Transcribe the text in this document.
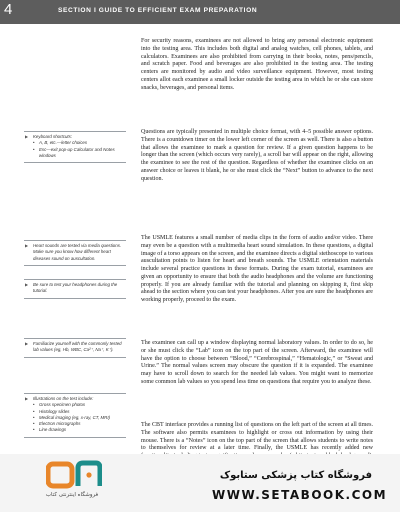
4	SECTION I GUIDE TO EFFICIENT EXAM PREPARATION

For security reasons, examinees are not allowed to bring any personal electronic equipment into the testing area. This includes both digital and analog watches, cell phones, tablets, and calculators. Examinees are also prohibited from carrying in their books, notes, pens/pencils, and scratch paper. Food and beverages are also prohibited in the testing area. The testing centers are monitored by audio and video surveillance equipment. However, most testing centers allot each examinee a small locker outside the testing area in which he or she can store snacks, beverages, and personal items.

Questions are typically presented in multiple choice format, with 4–5 possible answer options. There is a countdown timer on the lower left corner of the screen as well. There is also a button that allows the examinee to mark a question for review. If a given question happens to be longer than the screen (which occurs very rarely), a scroll bar will appear on the right, allowing the examinee to see the rest of the question. Regardless of whether the examinee clicks on an answer choice or leaves it blank, he or she must click the “Next” button to advance to the next question.

The USMLE features a small number of media clips in the form of audio and/or video. There may even be a question with a multimedia heart sound simulation. In these questions, a digital image of a torso appears on the screen, and the examinee directs a digital stethoscope to various auscultation points to listen for heart and breath sounds. The USMLE orientation materials include several practice questions in these formats. During the exam tutorial, examinees are given an opportunity to ensure that both the audio headphones and the volume are functioning properly. If you are already familiar with the tutorial and planning on skipping it, first skip ahead to the section where you can test your headphones. After you are sure the headphones are working properly, proceed to the exam.

The examinee can call up a window displaying normal laboratory values. In order to do so, he or she must click the “Lab” icon on the top part of the screen. Afterward, the examinee will have the option to choose between “Blood,” “Cerebrospinal,” “Hematologic,” or “Sweat and Urine.” The normal values screen may obscure the question if it is expanded. The examinee may have to scroll down to search for the needed lab values. You might want to memorize some common lab values so you spend less time on questions that require you to analyze these.

The CBT interface provides a running list of questions on the left part of the screen at all times. The software also permits examinees to highlight or cross out information by using their mouse. There is a “Notes” icon on the top part of the screen that allows students to write notes to themselves for review at a later time. Finally, the USMLE has recently added new

▶ Keyboard shortcuts:
• A, B, etc.—letter choices
• Esc—exit pop-up Calculator and Notes windows
▶ Heart sounds are tested via media questions. Make sure you know how different heart diseases sound on auscultation.
▶ Be sure to test your headphones during the tutorial.
▶ Familiarize yourself with the commonly tested lab values (eg, Hb, WBC, Ca²⁺, Na⁺, K⁺).
▶ Illustrations on the test include:
• Gross specimen photos
• Histology slides
• Medical imaging (eg, x-ray, CT, MRI)
• Electron micrographs
• Line drawings
فروشگاه اینترنتی کتاب
فروشگاه کتاب پزشکی ستابوک
WWW.SETABOOK.COM
